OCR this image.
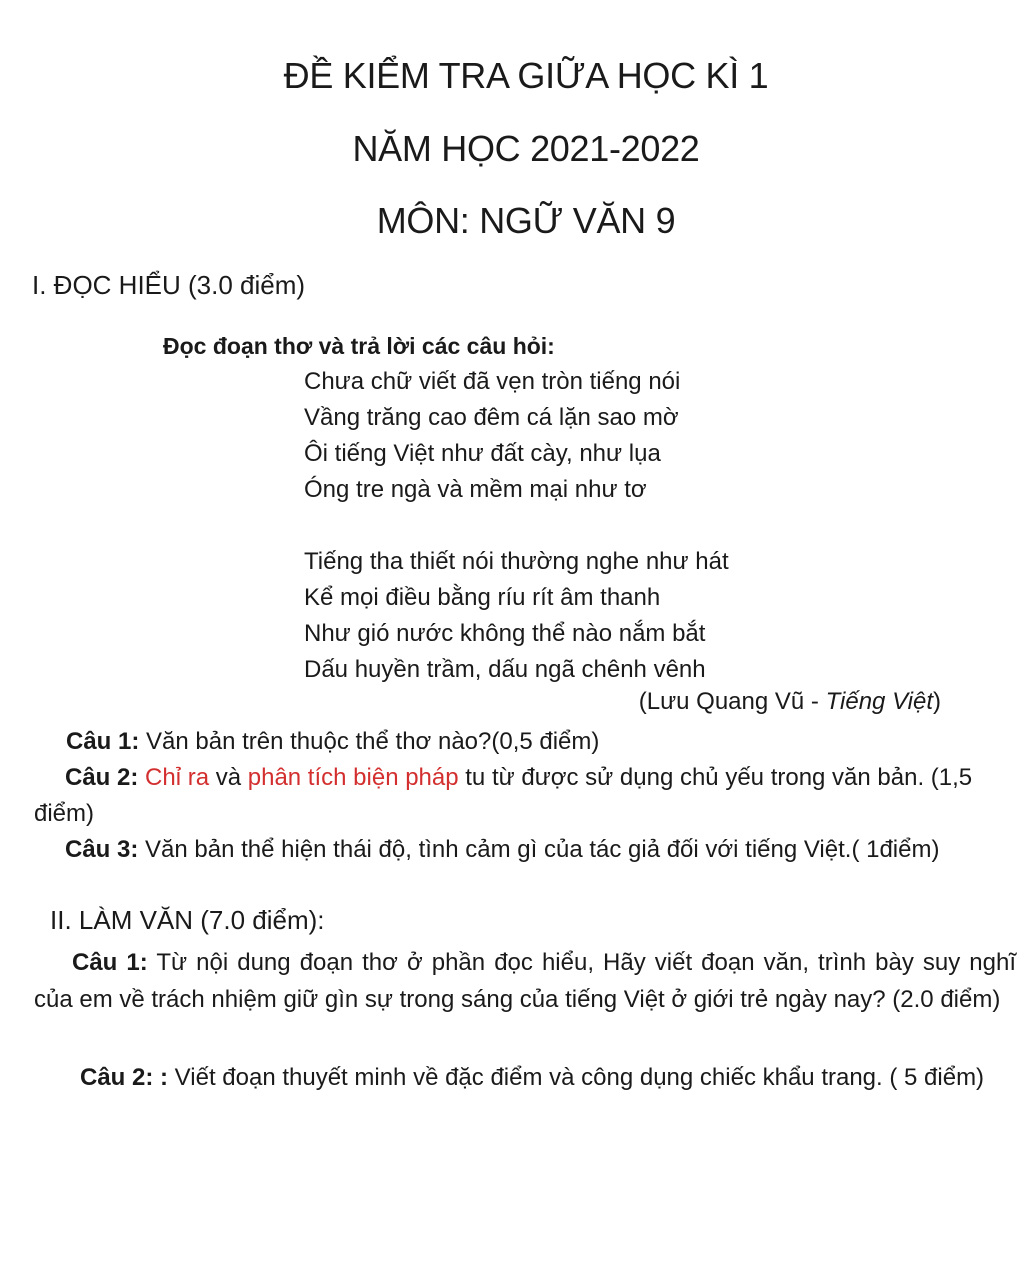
ĐỀ KIỂM TRA GIỮA HỌC KÌ 1
NĂM HỌC 2021-2022
MÔN: NGỮ VĂN 9
I. ĐỌC HIỂU (3.0 điểm)
Đọc đoạn thơ và trả lời các câu hỏi:
Chưa chữ viết đã vẹn tròn tiếng nói
Vầng trăng cao đêm cá lặn sao mờ
Ôi tiếng Việt như đất cày, như lụa
Óng tre ngà và mềm mại như tơ
Tiếng tha thiết nói thường nghe như hát
Kể mọi điều bằng ríu rít âm thanh
Như gió nước không thể nào nắm bắt
Dấu huyền trầm, dấu ngã chênh vênh
(Lưu Quang Vũ - Tiếng Việt)
Câu 1: Văn bản trên thuộc thể thơ nào?(0,5 điểm)
Câu 2: Chỉ ra và phân tích biện pháp tu từ được sử dụng chủ yếu trong văn bản. (1,5 điểm)
Câu 3: Văn bản thể hiện thái độ, tình cảm gì của tác giả đối với tiếng Việt.( 1điểm)
II. LÀM VĂN (7.0 điểm):
Câu 1: Từ nội dung đoạn thơ ở phần đọc hiểu, Hãy viết đoạn văn, trình bày suy nghĩ của em về trách nhiệm giữ gìn sự trong sáng của tiếng Việt ở giới trẻ ngày nay? (2.0 điểm)
Câu 2: : Viết đoạn thuyết minh về đặc điểm và công dụng chiếc khẩu trang. ( 5 điểm)
